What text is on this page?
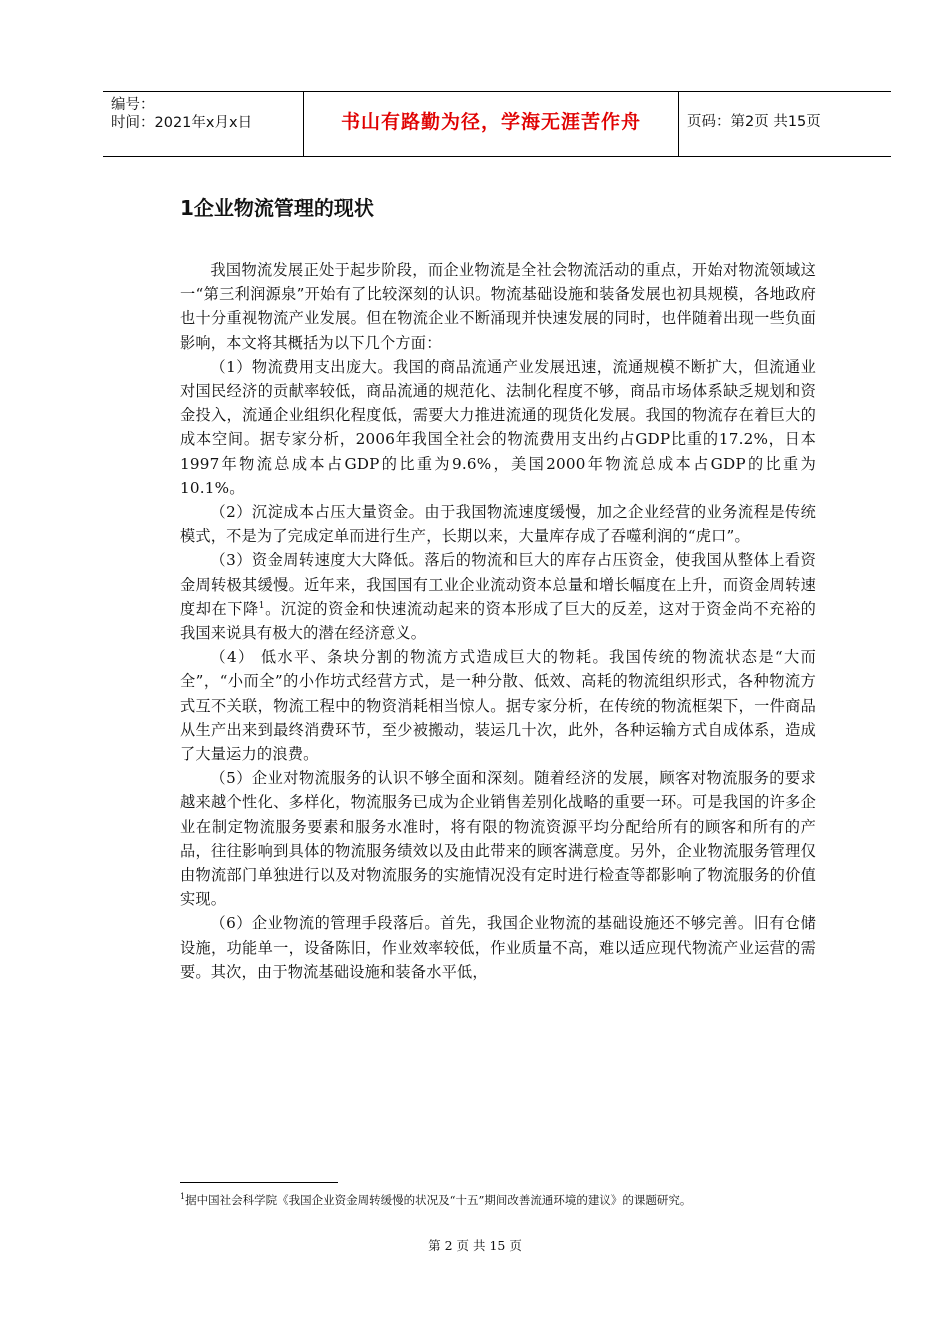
编号：
时间：2021年x月x日	书山有路勤为径，学海无涯苦作舟	页码：第2页 共15页
1企业物流管理的现状

我国物流发展正处于起步阶段，而企业物流是全社会物流活动的重点，开始对物流领域这一“第三利润源泉”开始有了比较深刻的认识。物流基础设施和装备发展也初具规模，各地政府也十分重视物流产业发展。但在物流企业不断涌现并快速发展的同时，也伴随着出现一些负面影响，本文将其概括为以下几个方面：

（1）物流费用支出庞大。我国的商品流通产业发展迅速，流通规模不断扩大，但流通业对国民经济的贡献率较低，商品流通的规范化、法制化程度不够，商品市场体系缺乏规划和资金投入，流通企业组织化程度低，需要大力推进流通的现货化发展。我国的物流存在着巨大的成本空间。据专家分析，2006年我国全社会的物流费用支出约占GDP比重的17.2%，日本1997年物流总成本占GDP的比重为9.6%，美国2000年物流总成本占GDP的比重为10.1%。

（2）沉淀成本占压大量资金。由于我国物流速度缓慢，加之企业经营的业务流程是传统模式，不是为了完成定单而进行生产，长期以来，大量库存成了吞噬利润的“虎口”。

（3）资金周转速度大大降低。落后的物流和巨大的库存占压资金，使我国从整体上看资金周转极其缓慢。近年来，我国国有工业企业流动资本总量和增长幅度在上升，而资金周转速度却在下降$^1$。沉淀的资金和快速流动起来的资本形成了巨大的反差，这对于资金尚不充裕的我国来说具有极大的潜在经济意义。

（4） 低水平、条块分割的物流方式造成巨大的物耗。我国传统的物流状态是“大而全”，“小而全”的小作坊式经营方式，是一种分散、低效、高耗的物流组织形式，各种物流方式互不关联，物流工程中的物资消耗相当惊人。据专家分析，在传统的物流框架下，一件商品从生产出来到最终消费环节，至少被搬动，装运几十次，此外，各种运输方式自成体系，造成了大量运力的浪费。

（5）企业对物流服务的认识不够全面和深刻。随着经济的发展，顾客对物流服务的要求越来越个性化、多样化，物流服务已成为企业销售差别化战略的重要一环。可是我国的许多企业在制定物流服务要素和服务水准时，将有限的物流资源平均分配给所有的顾客和所有的产品，往往影响到具体的物流服务绩效以及由此带来的顾客满意度。另外，企业物流服务管理仅由物流部门单独进行以及对物流服务的实施情况没有定时进行检查等都影响了物流服务的价值实现。

（6）企业物流的管理手段落后。首先，我国企业物流的基础设施还不够完善。旧有仓储设施，功能单一，设备陈旧，作业效率较低，作业质量不高，难以适应现代物流产业运营的需要。其次，由于物流基础设施和装备水平低，

$^1$据中国社会科学院《我国企业资金周转缓慢的状况及“十五”期间改善流通环境的建议》的课题研究。
第 2 页 共 15 页
